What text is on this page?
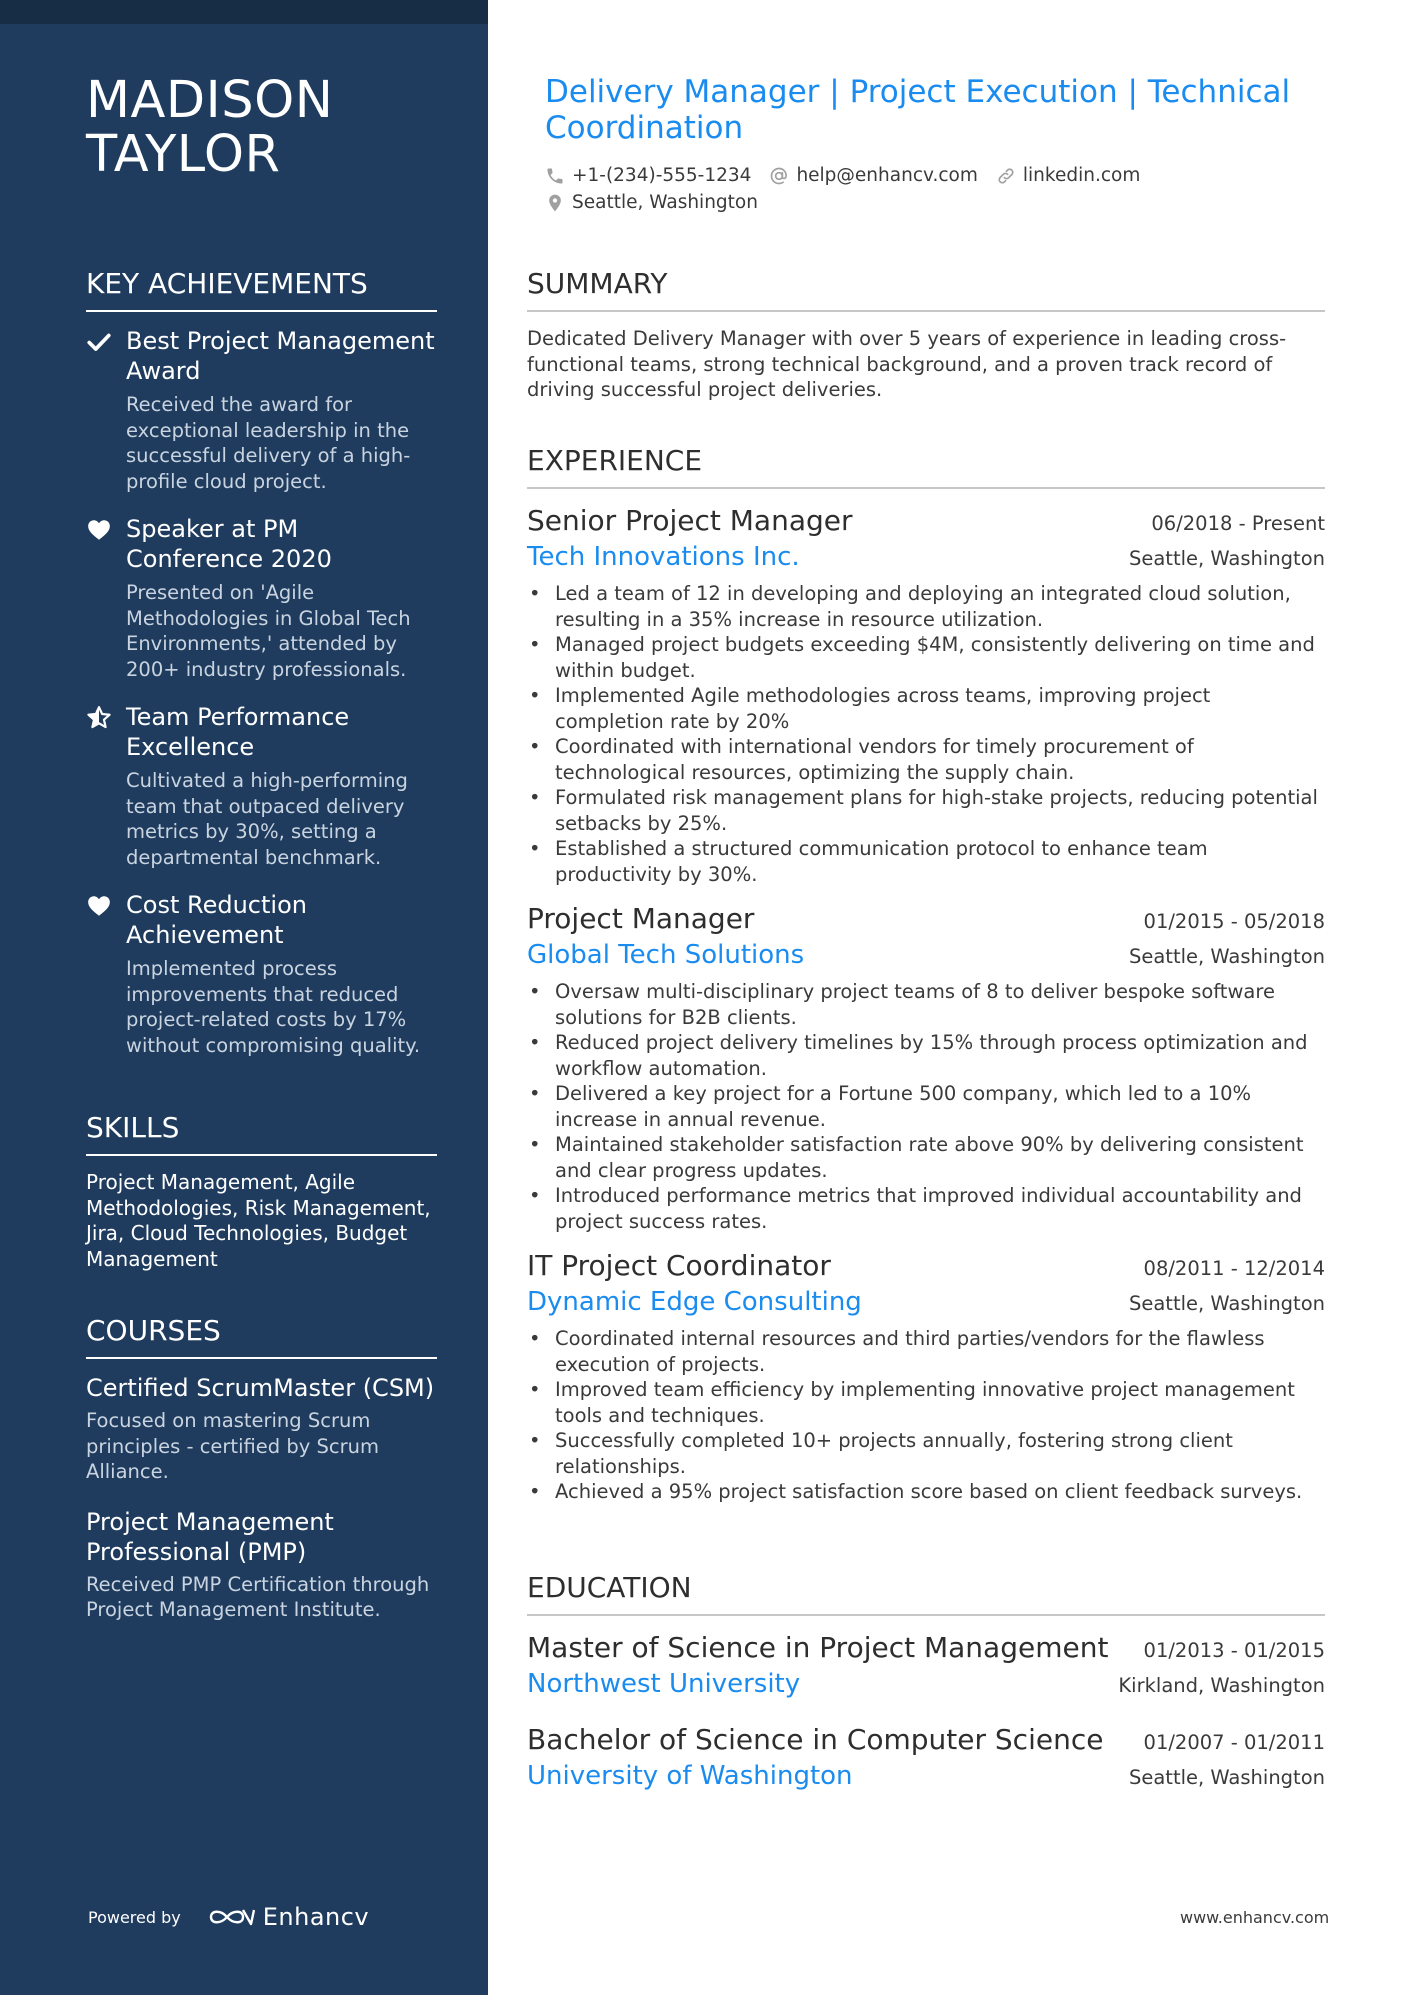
MADISON TAYLOR
KEY ACHIEVEMENTS
Best Project Management Award
Received the award for exceptional leadership in the successful delivery of a high-profile cloud project.
Speaker at PM Conference 2020
Presented on 'Agile Methodologies in Global Tech Environments,' attended by 200+ industry professionals.
Team Performance Excellence
Cultivated a high-performing team that outpaced delivery metrics by 30%, setting a departmental benchmark.
Cost Reduction Achievement
Implemented process improvements that reduced project-related costs by 17% without compromising quality.
SKILLS
Project Management, Agile Methodologies, Risk Management, Jira, Cloud Technologies, Budget Management
COURSES
Certified ScrumMaster (CSM)
Focused on mastering Scrum principles - certified by Scrum Alliance.
Project Management Professional (PMP)
Received PMP Certification through Project Management Institute.
Powered by	Enhancv
Delivery Manager | Project Execution | Technical Coordination
+1-(234)-555-1234 help@enhancv.com linkedin.com
Seattle, Washington
SUMMARY
Dedicated Delivery Manager with over 5 years of experience in leading cross-functional teams, strong technical background, and a proven track record of driving successful project deliveries.
EXPERIENCE
Senior Project Manager	06/2018 - Present
Tech Innovations Inc.	Seattle, Washington
• Led a team of 12 in developing and deploying an integrated cloud solution, resulting in a 35% increase in resource utilization.
• Managed project budgets exceeding $4M, consistently delivering on time and within budget.
• Implemented Agile methodologies across teams, improving project completion rate by 20%
• Coordinated with international vendors for timely procurement of technological resources, optimizing the supply chain.
• Formulated risk management plans for high-stake projects, reducing potential setbacks by 25%.
• Established a structured communication protocol to enhance team productivity by 30%.
Project Manager	01/2015 - 05/2018
Global Tech Solutions	Seattle, Washington
• Oversaw multi-disciplinary project teams of 8 to deliver bespoke software solutions for B2B clients.
• Reduced project delivery timelines by 15% through process optimization and workflow automation.
• Delivered a key project for a Fortune 500 company, which led to a 10% increase in annual revenue.
• Maintained stakeholder satisfaction rate above 90% by delivering consistent and clear progress updates.
• Introduced performance metrics that improved individual accountability and project success rates.
IT Project Coordinator	08/2011 - 12/2014
Dynamic Edge Consulting	Seattle, Washington
• Coordinated internal resources and third parties/vendors for the flawless execution of projects.
• Improved team efficiency by implementing innovative project management tools and techniques.
• Successfully completed 10+ projects annually, fostering strong client relationships.
• Achieved a 95% project satisfaction score based on client feedback surveys.
EDUCATION
Master of Science in Project Management 01/2013 - 01/2015
Northwest University	Kirkland, Washington
Bachelor of Science in Computer Science 01/2007 - 01/2011
University of Washington	Seattle, Washington
www.enhancv.com
